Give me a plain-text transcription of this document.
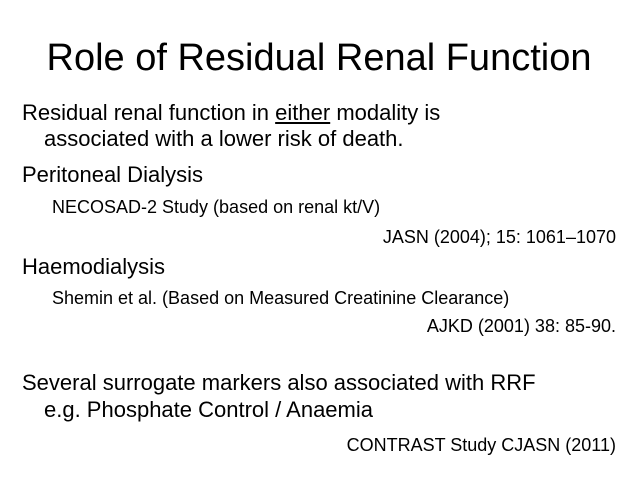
Role of Residual Renal Function
Residual renal function in either modality is
associated with a lower risk of death.
Peritoneal Dialysis
NECOSAD-2 Study (based on renal kt/V)
JASN (2004); 15: 1061–1070
Haemodialysis
Shemin et al. (Based on Measured Creatinine Clearance)
AJKD (2001) 38: 85-90.
Several surrogate markers also associated with RRF
e.g. Phosphate Control / Anaemia
CONTRAST Study CJASN (2011)
